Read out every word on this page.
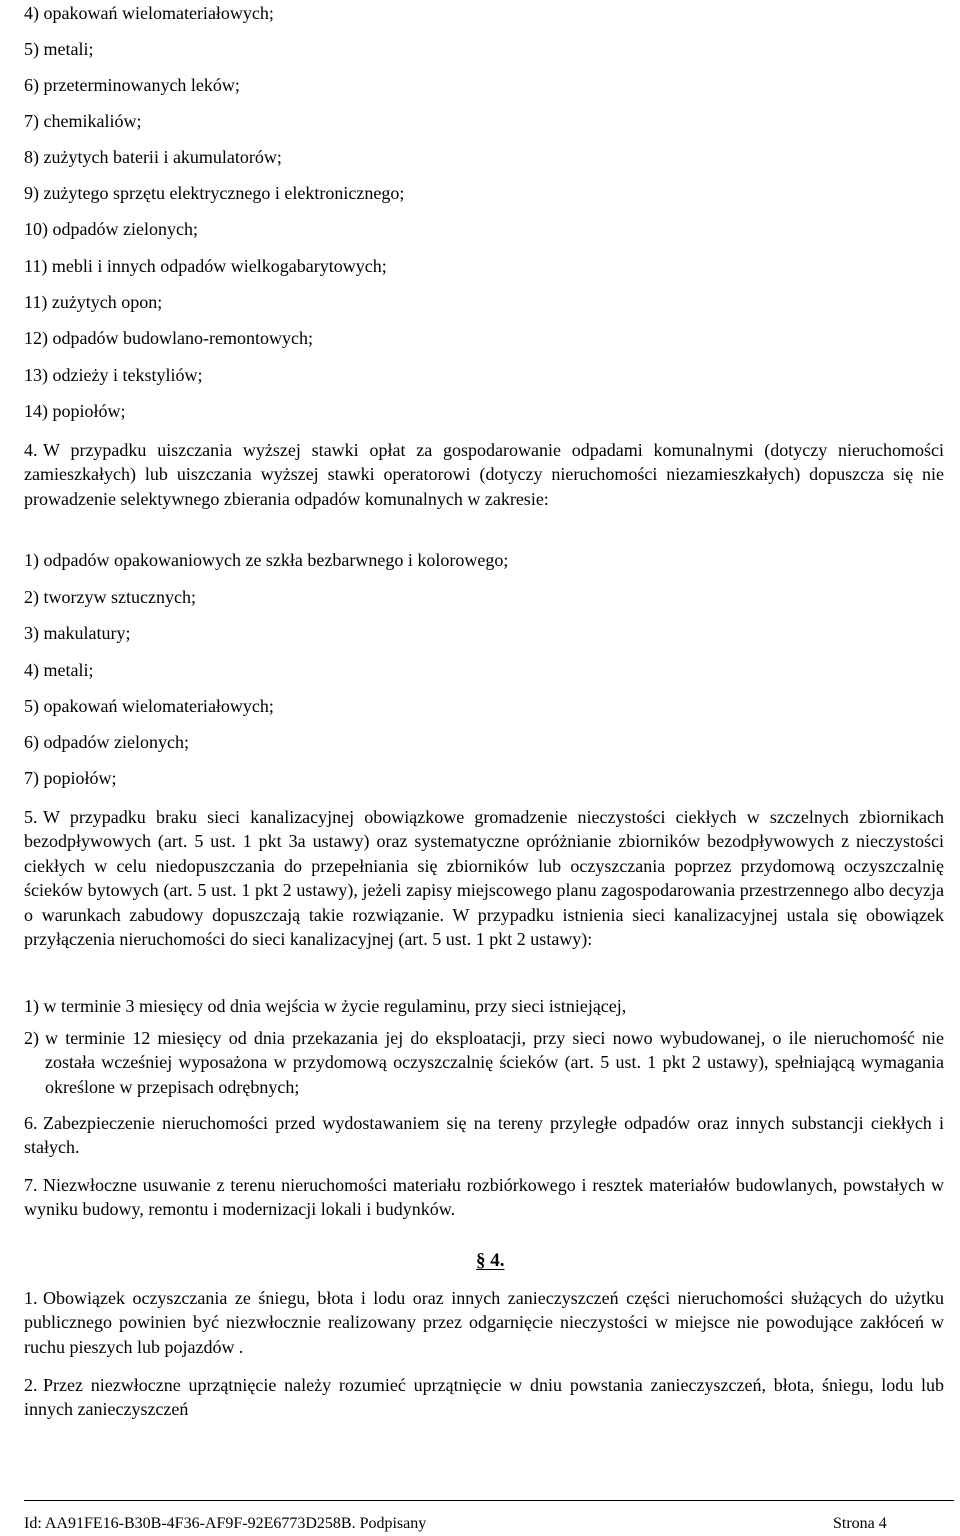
4) opakowań wielomateriałowych;
5) metali;
6) przeterminowanych leków;
7) chemikaliów;
8) zużytych baterii i akumulatorów;
9) zużytego sprzętu elektrycznego i elektronicznego;
10) odpadów zielonych;
11) mebli i innych odpadów wielkogabarytowych;
11) zużytych opon;
12) odpadów budowlano-remontowych;
13) odzieży i tekstyliów;
14) popiołów;
4. W przypadku uiszczania wyższej stawki opłat za gospodarowanie odpadami komunalnymi (dotyczy nieruchomości zamieszkałych) lub uiszczania wyższej stawki operatorowi (dotyczy nieruchomości niezamieszkałych) dopuszcza się nie prowadzenie selektywnego zbierania odpadów komunalnych w zakresie:
1) odpadów opakowaniowych ze szkła bezbarwnego i kolorowego;
2) tworzyw sztucznych;
3) makulatury;
4) metali;
5) opakowań wielomateriałowych;
6) odpadów zielonych;
7) popiołów;
5. W przypadku braku sieci kanalizacyjnej obowiązkowe gromadzenie nieczystości ciekłych w szczelnych zbiornikach bezodpływowych (art. 5 ust. 1 pkt 3a ustawy) oraz systematyczne opróżnianie zbiorników bezodpływowych z nieczystości ciekłych w celu niedopuszczania do przepełniania się zbiorników lub oczyszczania poprzez przydomową oczyszczalnię ścieków bytowych (art. 5 ust. 1 pkt 2 ustawy), jeżeli zapisy miejscowego planu zagospodarowania przestrzennego albo decyzja o warunkach zabudowy dopuszczają takie rozwiązanie. W przypadku istnienia sieci kanalizacyjnej ustala się obowiązek przyłączenia nieruchomości do sieci kanalizacyjnej (art. 5 ust. 1 pkt 2 ustawy):
1) w terminie 3 miesięcy od dnia wejścia w życie regulaminu, przy sieci istniejącej,
2) w terminie 12 miesięcy od dnia przekazania jej do eksploatacji, przy sieci nowo wybudowanej, o ile nieruchomość nie została wcześniej wyposażona w przydomową oczyszczalnię ścieków (art. 5 ust. 1 pkt 2 ustawy), spełniającą wymagania określone w przepisach odrębnych;
6. Zabezpieczenie nieruchomości przed wydostawaniem się na tereny przyległe odpadów oraz innych substancji ciekłych i stałych.
7. Niezwłoczne usuwanie z terenu nieruchomości materiału rozbiórkowego i resztek materiałów budowlanych, powstałych w wyniku budowy, remontu i modernizacji lokali i budynków.
§ 4.
1. Obowiązek oczyszczania ze śniegu, błota i lodu oraz innych zanieczyszczeń części nieruchomości służących do użytku publicznego powinien być niezwłocznie realizowany przez odgarnięcie nieczystości w miejsce nie powodujące zakłóceń w ruchu pieszych lub pojazdów .
2. Przez niezwłoczne uprzątnięcie należy rozumieć uprzątnięcie w dniu powstania zanieczyszczeń, błota, śniegu, lodu lub innych zanieczyszczeń
Id: AA91FE16-B30B-4F36-AF9F-92E6773D258B. Podpisany	Strona 4
